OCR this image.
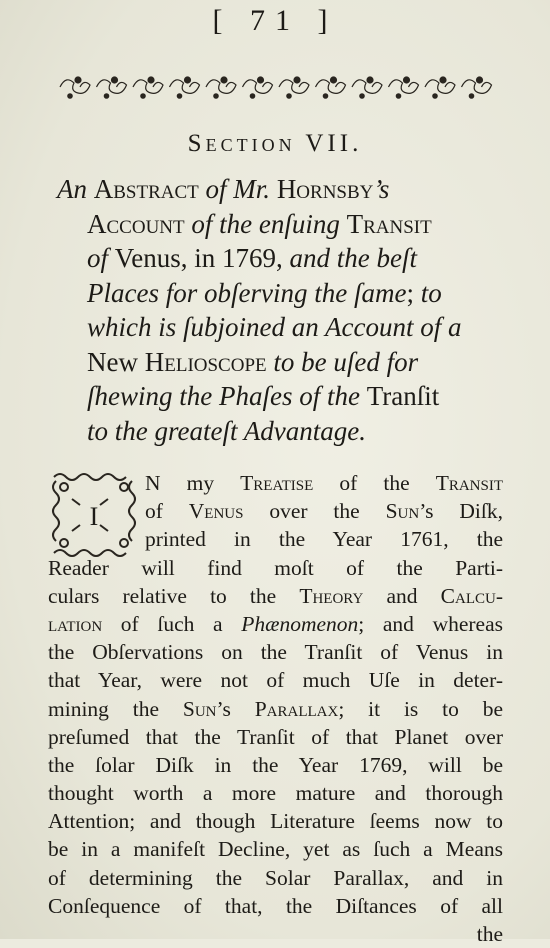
[ 71 ]
Section VII.
An Abstract of Mr. Hornsby’s
Account of the enſuing Transit
of Venus, in 1769, and the beſt
Places for obſerving the ſame; to
which is ſubjoined an Account of a
New Helioscope to be uſed for
ſhewing the Phaſes of the Tranſit
to the greateſt Advantage.
I
N my Treatise of the Transit
of Venus over the Sun’s Diſk,
printed in the Year 1761, the
Reader will find moſt of the Parti-
culars relative to the Theory and Calcu-
lation of ſuch a Phænomenon; and whereas
the Obſervations on the Tranſit of Venus in
that Year, were not of much Uſe in deter-
mining the Sun’s Parallax; it is to be
preſumed that the Tranſit of that Planet over
the ſolar Diſk in the Year 1769, will be
thought worth a more mature and thorough
Attention; and though Literature ſeems now to
be in a manifeſt Decline, yet as ſuch a Means
of determining the Solar Parallax, and in
Conſequence of that, the Diſtances of all
the
